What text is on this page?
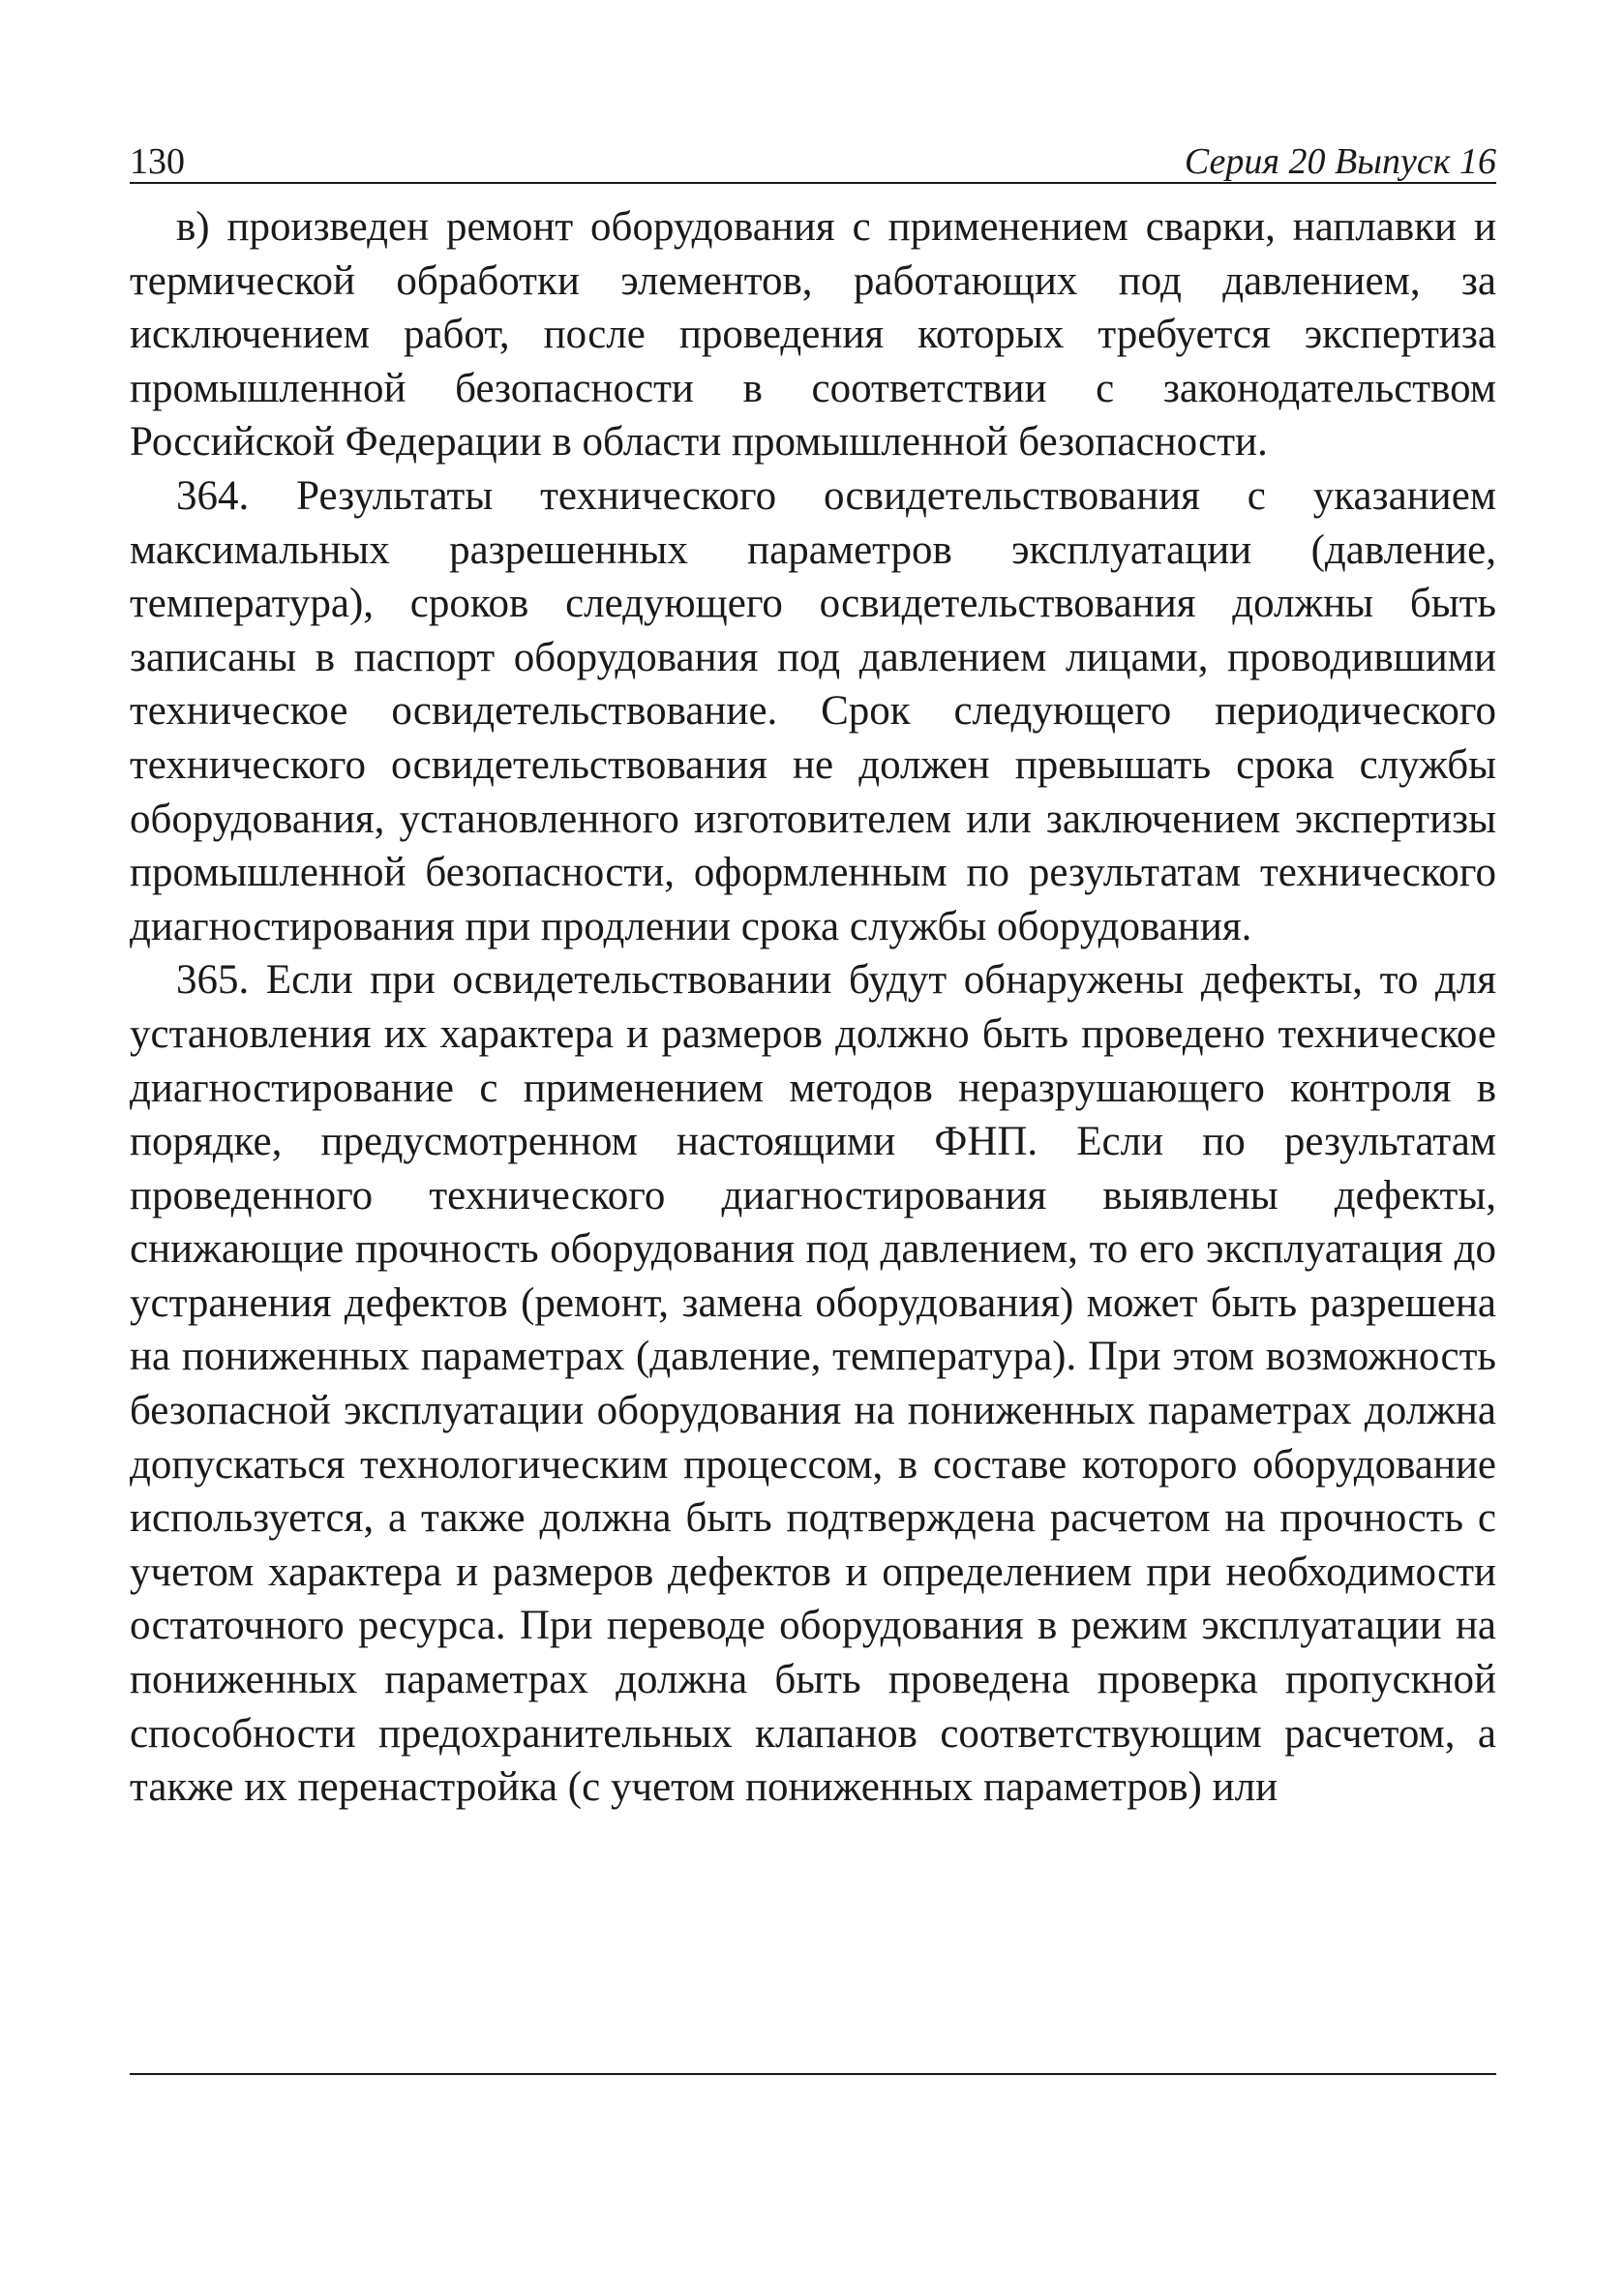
130	Серия 20 Выпуск 16

в) произведен ремонт оборудования с применением сварки, наплавки и термической обработки элементов, работающих под давлением, за исключением работ, после проведения которых требуется экспертиза промышленной безопасности в соответствии с законодательством Российской Федерации в области промышленной безопасности.

364. Результаты технического освидетельствования с указанием максимальных разрешенных параметров эксплуатации (давление, температура), сроков следующего освидетельствования должны быть записаны в паспорт оборудования под давлением лицами, проводившими техническое освидетельствование. Срок следующего периодического технического освидетельствования не должен превышать срока службы оборудования, установленного изготовителем или заключением экспертизы промышленной безопасности, оформленным по результатам технического диагностирования при продлении срока службы оборудования.

365. Если при освидетельствовании будут обнаружены дефекты, то для установления их характера и размеров должно быть проведено техническое диагностирование с применением методов неразрушающего контроля в порядке, предусмотренном настоящими ФНП. Если по результатам проведенного технического диагностирования выявлены дефекты, снижающие прочность оборудования под давлением, то его эксплуатация до устранения дефектов (ремонт, замена оборудования) может быть разрешена на пониженных параметрах (давление, температура). При этом возможность безопасной эксплуатации оборудования на пониженных параметрах должна допускаться технологическим процессом, в составе которого оборудование используется, а также должна быть подтверждена расчетом на прочность с учетом характера и размеров дефектов и определением при необходимости остаточного ресурса. При переводе оборудования в режим эксплуатации на пониженных параметрах должна быть проведена проверка пропускной способности предохранительных клапанов соответствующим расчетом, а также их перенастройка (с учетом пониженных параметров) или
